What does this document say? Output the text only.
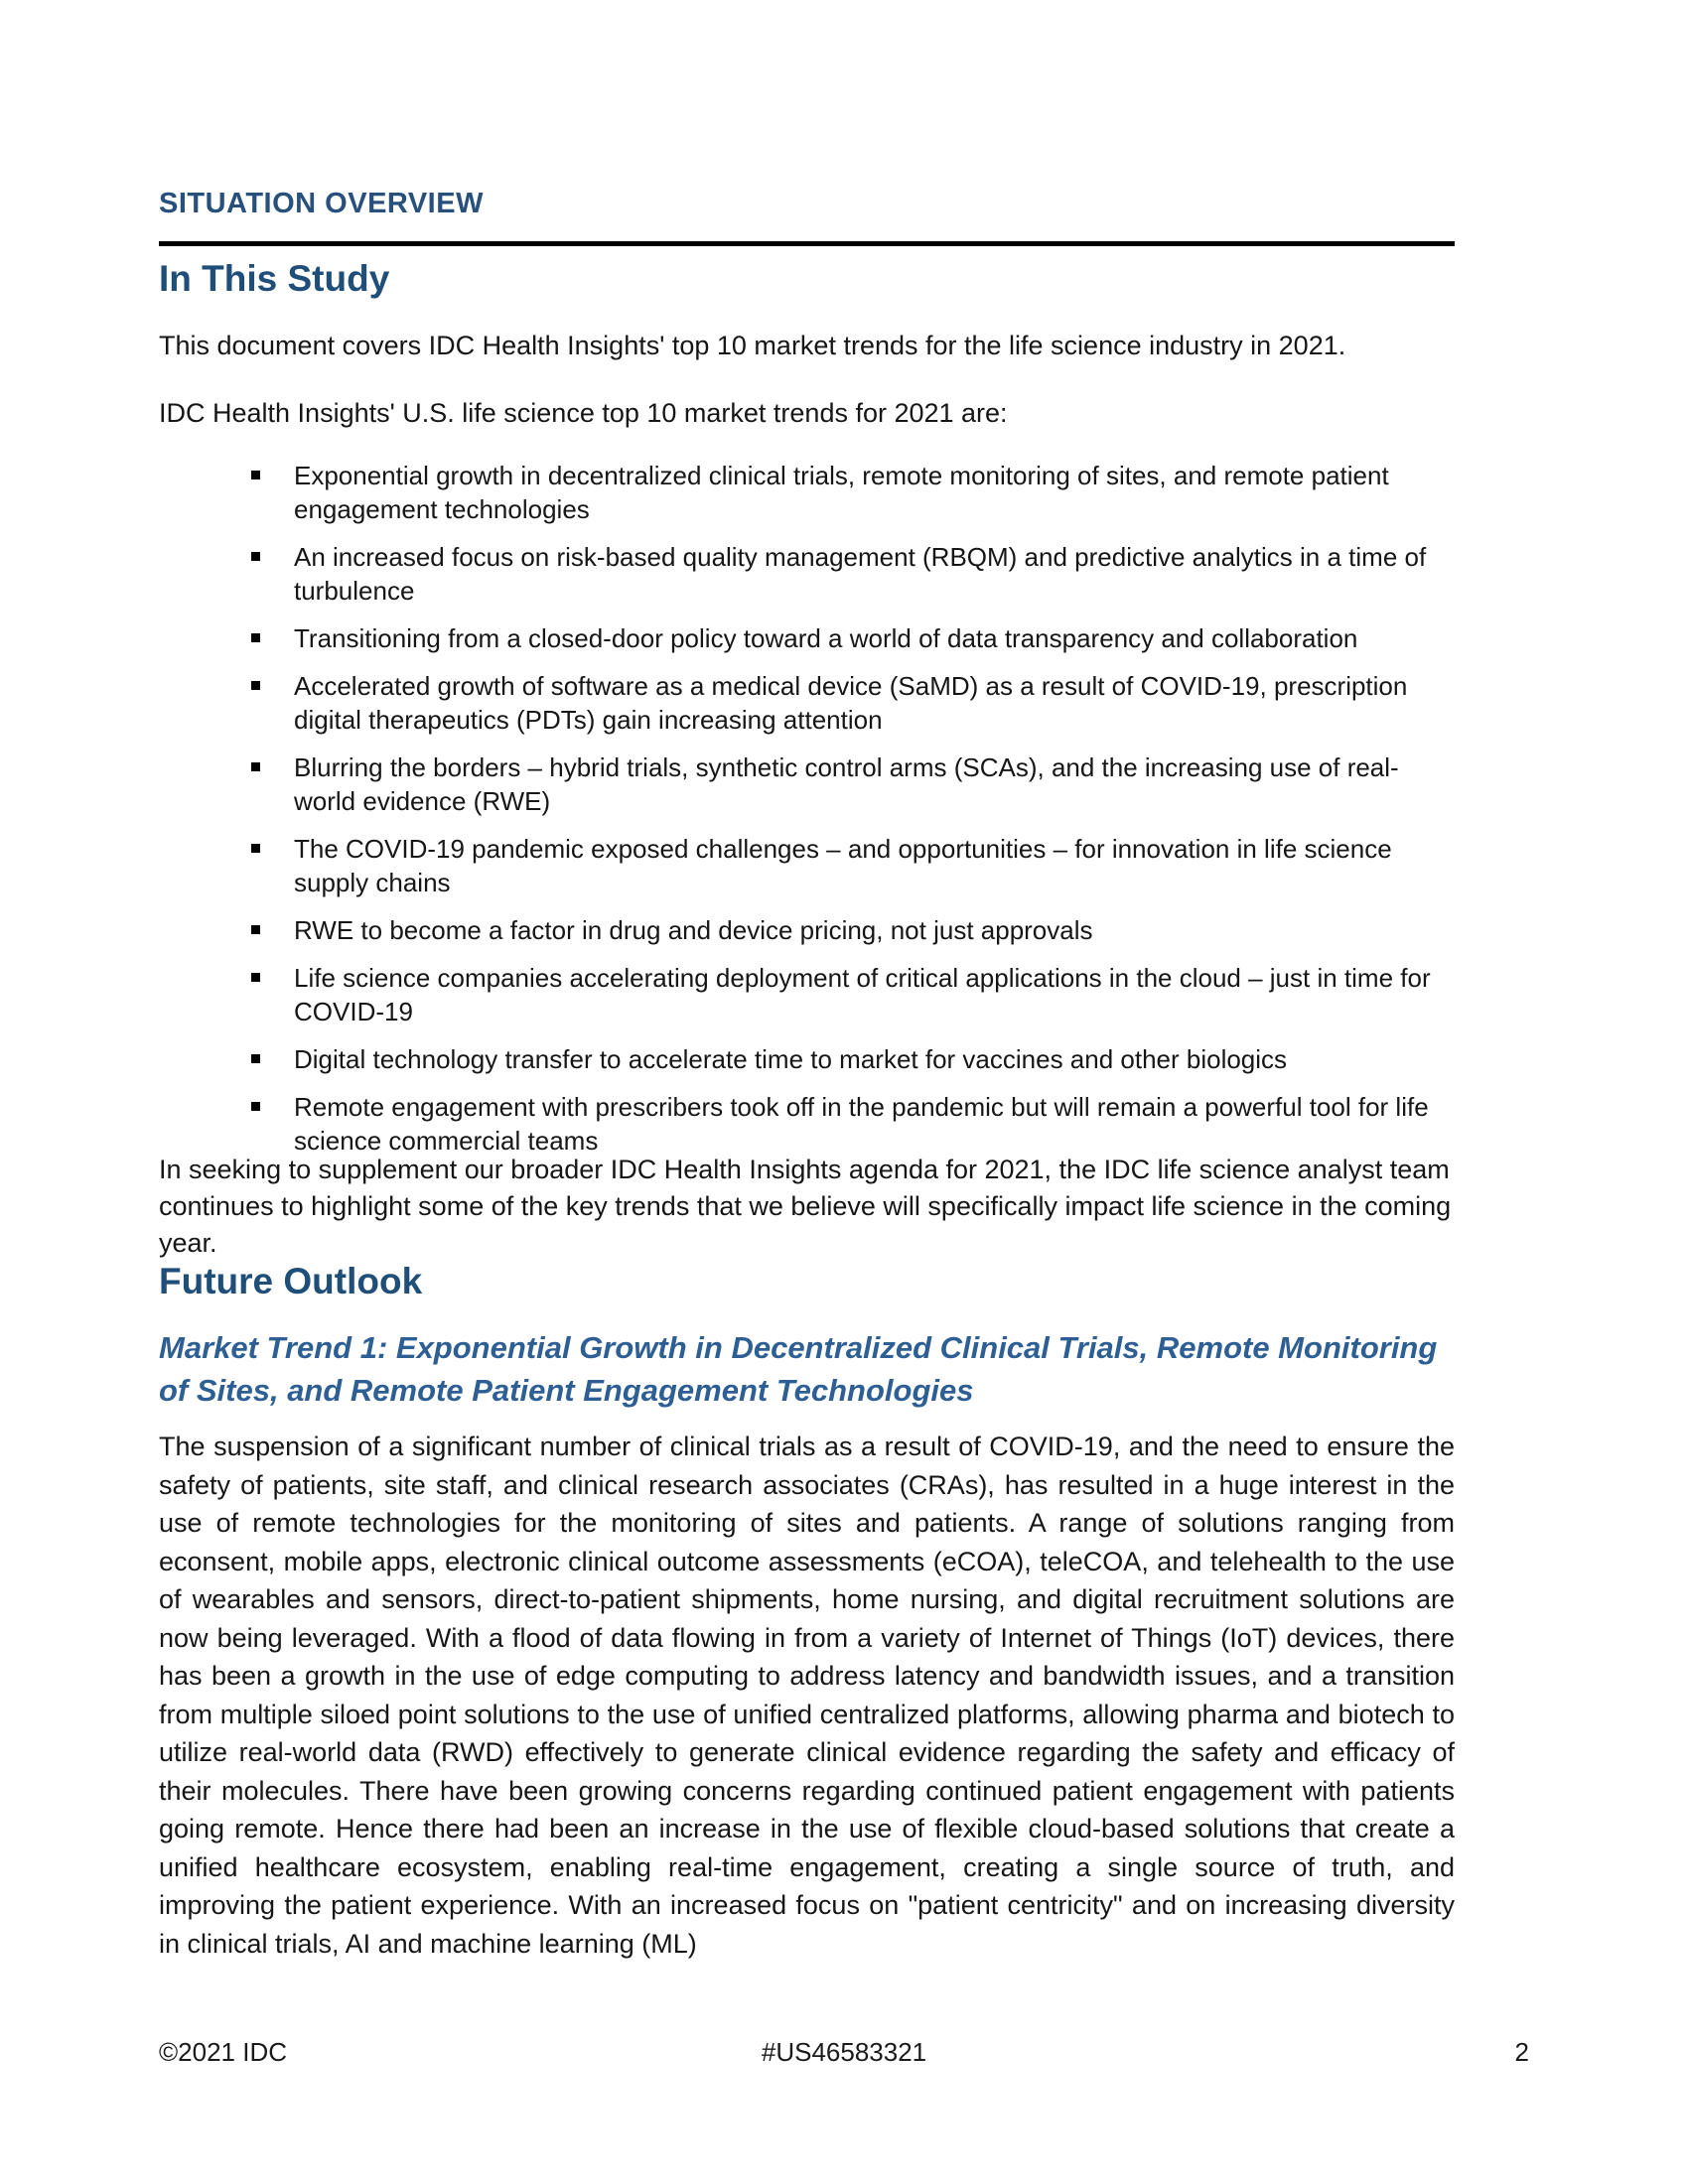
SITUATION OVERVIEW
In This Study

This document covers IDC Health Insights' top 10 market trends for the life science industry in 2021.

IDC Health Insights' U.S. life science top 10 market trends for 2021 are:

Exponential growth in decentralized clinical trials, remote monitoring of sites, and remote patient engagement technologies
An increased focus on risk-based quality management (RBQM) and predictive analytics in a time of turbulence
Transitioning from a closed-door policy toward a world of data transparency and collaboration
Accelerated growth of software as a medical device (SaMD) as a result of COVID-19, prescription digital therapeutics (PDTs) gain increasing attention
Blurring the borders – hybrid trials, synthetic control arms (SCAs), and the increasing use of real-world evidence (RWE)
The COVID-19 pandemic exposed challenges – and opportunities – for innovation in life science supply chains
RWE to become a factor in drug and device pricing, not just approvals
Life science companies accelerating deployment of critical applications in the cloud – just in time for COVID-19
Digital technology transfer to accelerate time to market for vaccines and other biologics
Remote engagement with prescribers took off in the pandemic but will remain a powerful tool for life science commercial teams

In seeking to supplement our broader IDC Health Insights agenda for 2021, the IDC life science analyst team continues to highlight some of the key trends that we believe will specifically impact life science in the coming year.

Future Outlook
Market Trend 1: Exponential Growth in Decentralized Clinical Trials, Remote Monitoring of Sites, and Remote Patient Engagement Technologies

The suspension of a significant number of clinical trials as a result of COVID-19, and the need to ensure the safety of patients, site staff, and clinical research associates (CRAs), has resulted in a huge interest in the use of remote technologies for the monitoring of sites and patients. A range of solutions ranging from econsent, mobile apps, electronic clinical outcome assessments (eCOA), teleCOA, and telehealth to the use of wearables and sensors, direct-to-patient shipments, home nursing, and digital recruitment solutions are now being leveraged. With a flood of data flowing in from a variety of Internet of Things (IoT) devices, there has been a growth in the use of edge computing to address latency and bandwidth issues, and a transition from multiple siloed point solutions to the use of unified centralized platforms, allowing pharma and biotech to utilize real-world data (RWD) effectively to generate clinical evidence regarding the safety and efficacy of their molecules. There have been growing concerns regarding continued patient engagement with patients going remote. Hence there had been an increase in the use of flexible cloud-based solutions that create a unified healthcare ecosystem, enabling real-time engagement, creating a single source of truth, and improving the patient experience. With an increased focus on "patient centricity" and on increasing diversity in clinical trials, AI and machine learning (ML)

©2021 IDC	#US46583321	2
